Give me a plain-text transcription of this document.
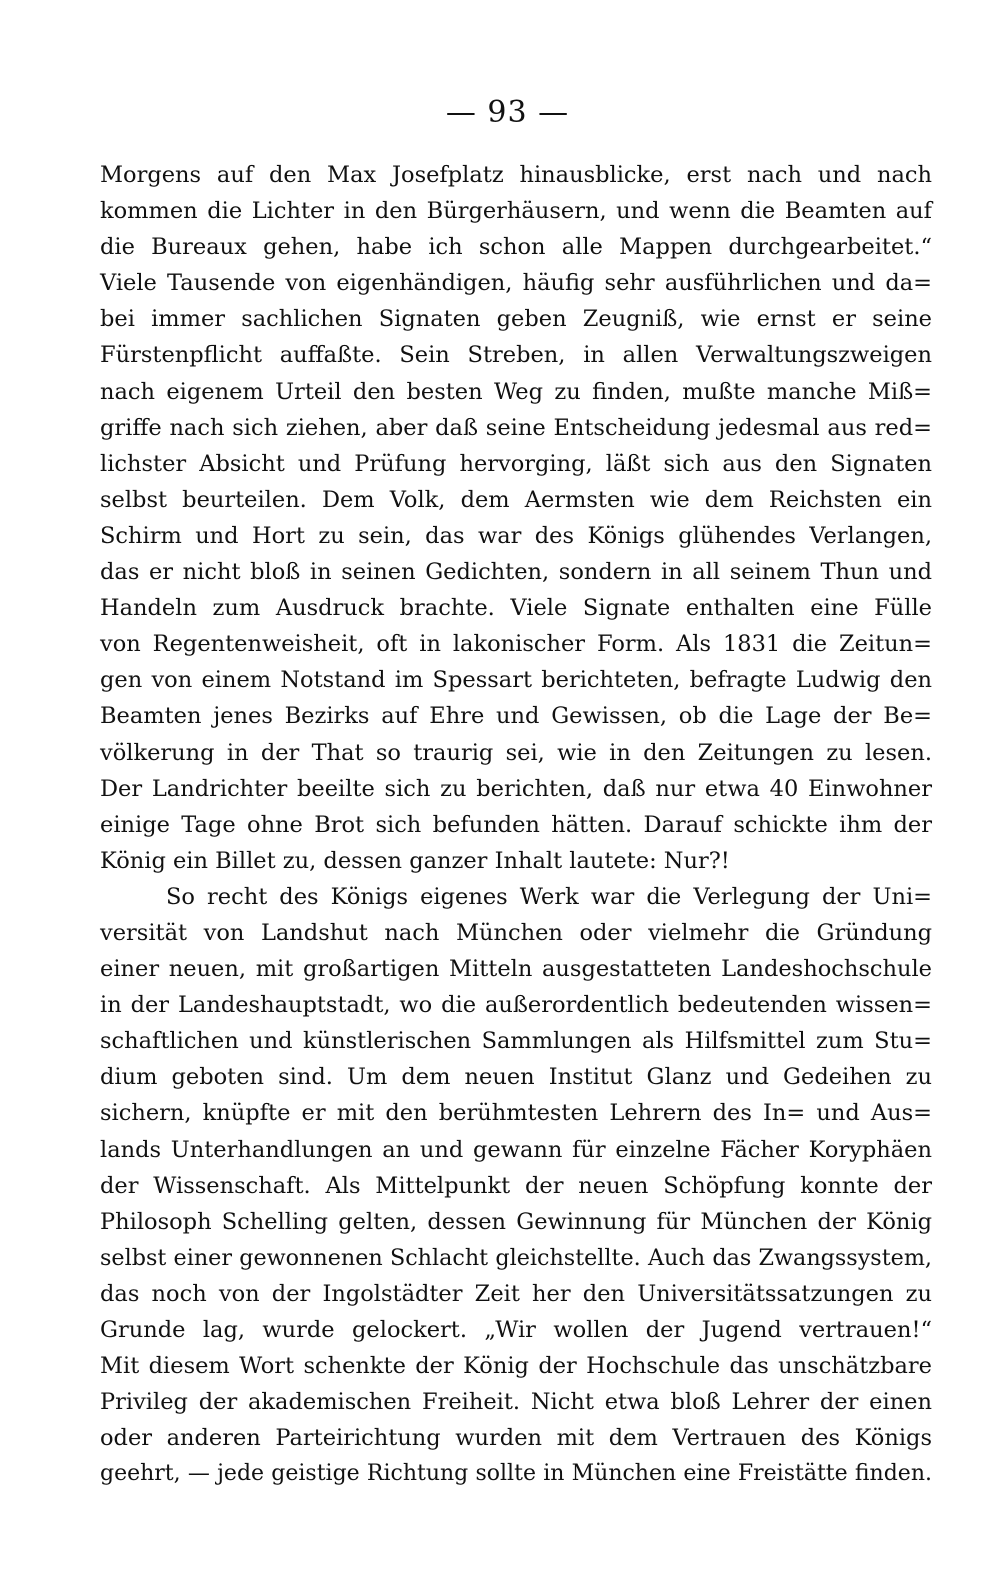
— 93 —
Morgens auf den Max Josefplatz hinausblicke, erst nach und nach
kommen die Lichter in den Bürgerhäusern, und wenn die Beamten auf
die Bureaux gehen, habe ich schon alle Mappen durchgearbeitet.“
Viele Tausende von eigenhändigen, häufig sehr ausführlichen und da=
bei immer sachlichen Signaten geben Zeugniß, wie ernst er seine
Fürstenpflicht auffaßte. Sein Streben, in allen Verwaltungszweigen
nach eigenem Urteil den besten Weg zu finden, mußte manche Miß=
griffe nach sich ziehen, aber daß seine Entscheidung jedesmal aus red=
lichster Absicht und Prüfung hervorging, läßt sich aus den Signaten
selbst beurteilen. Dem Volk, dem Aermsten wie dem Reichsten ein
Schirm und Hort zu sein, das war des Königs glühendes Verlangen,
das er nicht bloß in seinen Gedichten, sondern in all seinem Thun und
Handeln zum Ausdruck brachte. Viele Signate enthalten eine Fülle
von Regentenweisheit, oft in lakonischer Form. Als 1831 die Zeitun=
gen von einem Notstand im Spessart berichteten, befragte Ludwig den
Beamten jenes Bezirks auf Ehre und Gewissen, ob die Lage der Be=
völkerung in der That so traurig sei, wie in den Zeitungen zu lesen.
Der Landrichter beeilte sich zu berichten, daß nur etwa 40 Einwohner
einige Tage ohne Brot sich befunden hätten. Darauf schickte ihm der
König ein Billet zu, dessen ganzer Inhalt lautete: Nur?!
So recht des Königs eigenes Werk war die Verlegung der Uni=
versität von Landshut nach München oder vielmehr die Gründung
einer neuen, mit großartigen Mitteln ausgestatteten Landeshochschule
in der Landeshauptstadt, wo die außerordentlich bedeutenden wissen=
schaftlichen und künstlerischen Sammlungen als Hilfsmittel zum Stu=
dium geboten sind. Um dem neuen Institut Glanz und Gedeihen zu
sichern, knüpfte er mit den berühmtesten Lehrern des In= und Aus=
lands Unterhandlungen an und gewann für einzelne Fächer Koryphäen
der Wissenschaft. Als Mittelpunkt der neuen Schöpfung konnte der
Philosoph Schelling gelten, dessen Gewinnung für München der König
selbst einer gewonnenen Schlacht gleichstellte. Auch das Zwangssystem,
das noch von der Ingolstädter Zeit her den Universitätssatzungen zu
Grunde lag, wurde gelockert. „Wir wollen der Jugend vertrauen!“
Mit diesem Wort schenkte der König der Hochschule das unschätzbare
Privileg der akademischen Freiheit. Nicht etwa bloß Lehrer der einen
oder anderen Parteirichtung wurden mit dem Vertrauen des Königs
geehrt, — jede geistige Richtung sollte in München eine Freistätte finden.
